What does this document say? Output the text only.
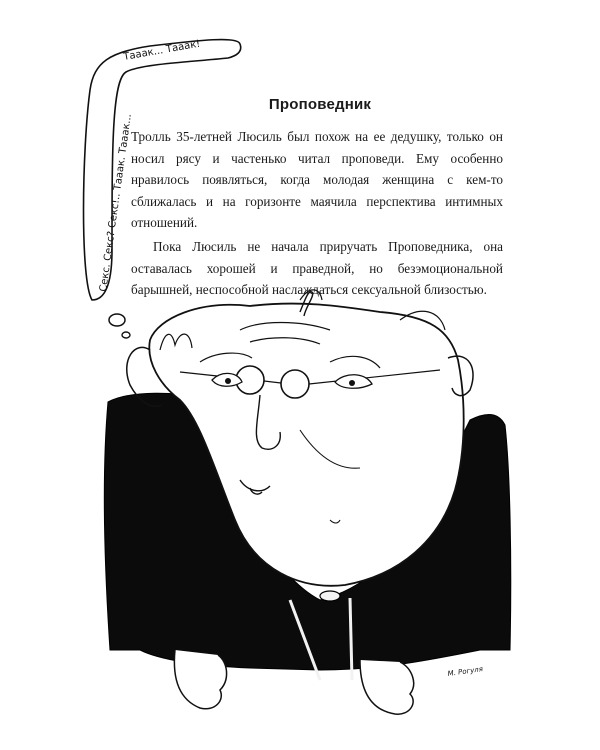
Тааак... Тааак!
Секс. Секс? Секс!.. Тааак. Тааак...
М. Рогуля
Проповедник

Тролль 35-летней Люсиль был похож на ее дедушку, только он носил рясу и частенько читал проповеди. Ему особенно нравилось появляться, когда молодая женщина с кем-то сближалась и на горизонте маячила перспектива интимных отношений.

Пока Люсиль не начала приручать Проповедника, она оставалась хорошей и праведной, но безэмоциональной барышней, неспособной наслаждаться сексуальной близостью.
